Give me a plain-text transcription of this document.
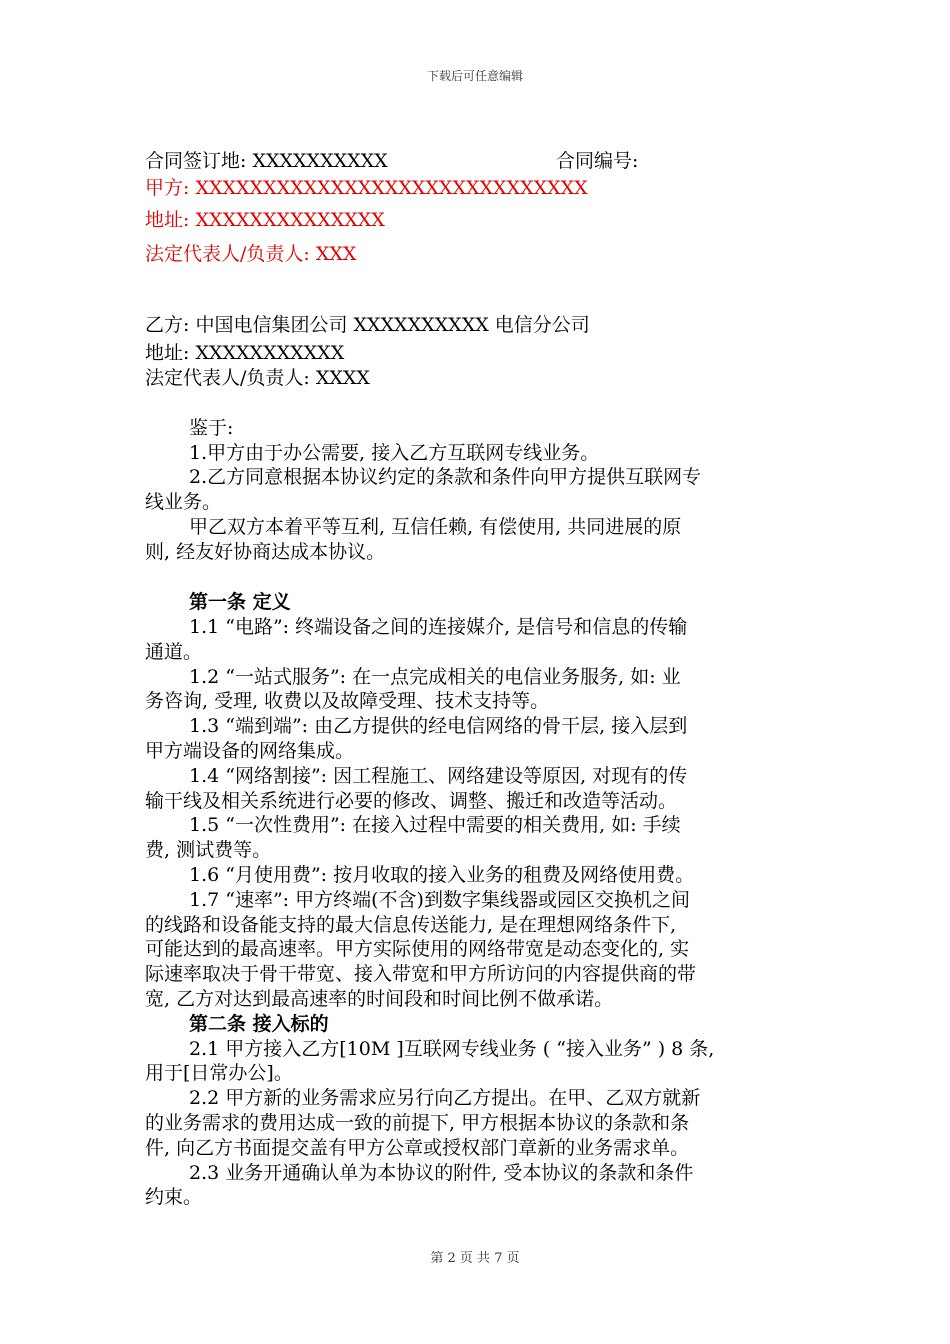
下载后可任意编辑
合同签订地: XXXXXXXXXX	合同编号:
甲方: XXXXXXXXXXXXXXXXXXXXXXXXXXXXX
地址: XXXXXXXXXXXXXX
法定代表人/负责人: XXX
乙方: 中国电信集团公司 XXXXXXXXXX 电信分公司
地址: XXXXXXXXXXX
法定代表人/负责人: XXXX
鉴于:
1.甲方由于办公需要, 接入乙方互联网专线业务。
2.乙方同意根据本协议约定的条款和条件向甲方提供互联网专
线业务。
甲乙双方本着平等互利, 互信任赖, 有偿使用, 共同进展的原
则, 经友好协商达成本协议。
第一条 定义
1.1 “电路”: 终端设备之间的连接媒介, 是信号和信息的传输
通道。
1.2 “一站式服务”: 在一点完成相关的电信业务服务, 如: 业
务咨询, 受理, 收费以及故障受理、技术支持等。
1.3 “端到端”: 由乙方提供的经电信网络的骨干层, 接入层到
甲方端设备的网络集成。
1.4 “网络割接”: 因工程施工、网络建设等原因, 对现有的传
输干线及相关系统进行必要的修改、调整、搬迁和改造等活动。
1.5 “一次性费用”: 在接入过程中需要的相关费用, 如: 手续
费, 测试费等。
1.6 “月使用费”: 按月收取的接入业务的租费及网络使用费。
1.7 “速率”: 甲方终端(不含)到数字集线器或园区交换机之间
的线路和设备能支持的最大信息传送能力, 是在理想网络条件下,
可能达到的最高速率。甲方实际使用的网络带宽是动态变化的, 实
际速率取决于骨干带宽、接入带宽和甲方所访问的内容提供商的带
宽, 乙方对达到最高速率的时间段和时间比例不做承诺。
第二条 接入标的
2.1 甲方接入乙方[10M ]互联网专线业务 ( “接入业务” ) 8 条,
用于[日常办公]。
2.2 甲方新的业务需求应另行向乙方提出。在甲、乙双方就新
的业务需求的费用达成一致的前提下, 甲方根据本协议的条款和条
件, 向乙方书面提交盖有甲方公章或授权部门章新的业务需求单。
2.3 业务开通确认单为本协议的附件, 受本协议的条款和条件
约束。
第 2 页 共 7 页
